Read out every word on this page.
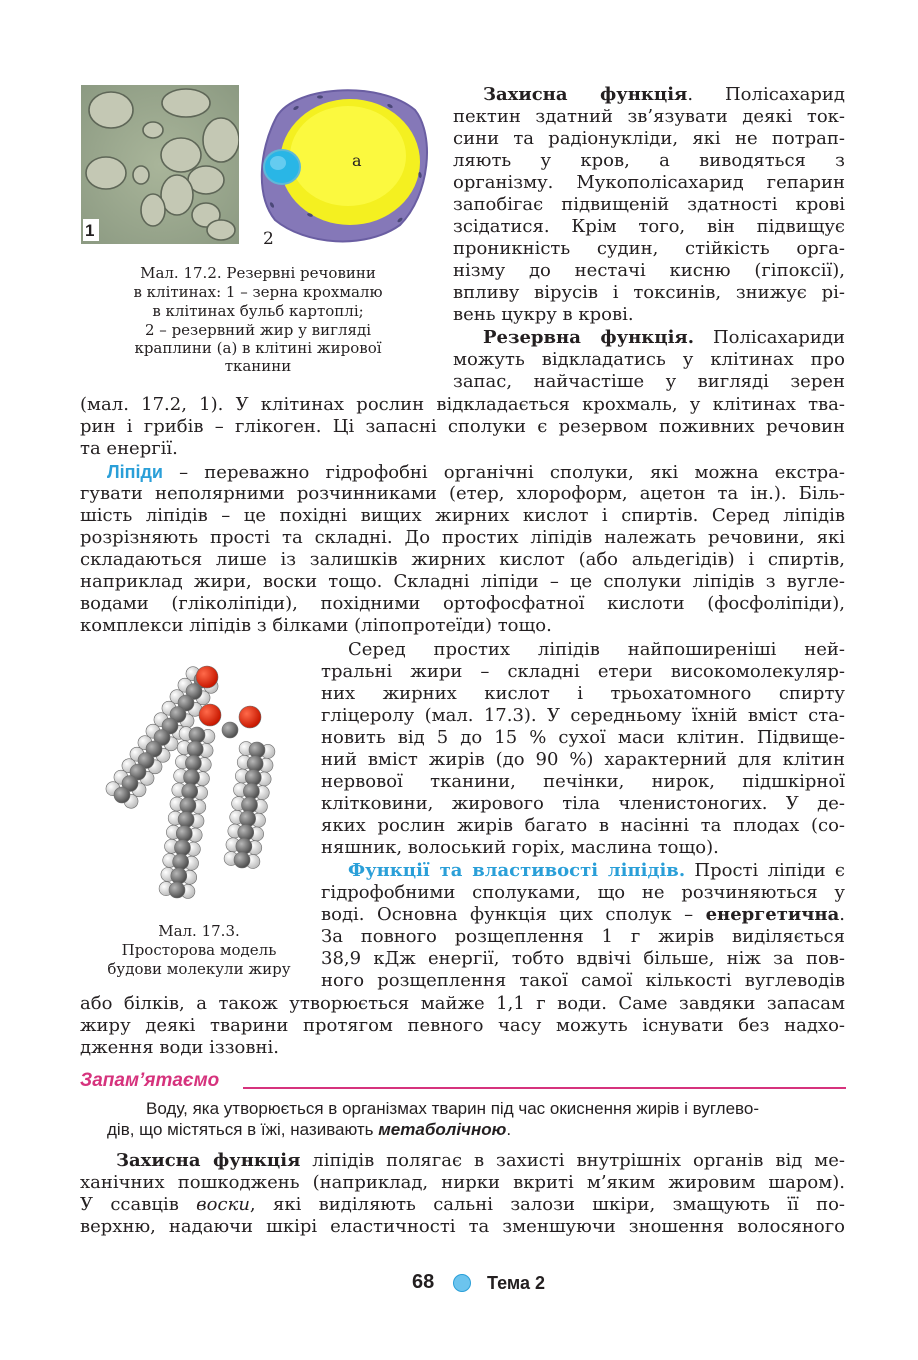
1
а
2
Мал. 17.2. Резервні речовини
в клітинах: 1 – зерна крохмалю
в клітинах бульб картоплі;
2 – резервний жир у вигляді
краплини (а) в клітині жирової
тканини
Захисна функція. Полісахарид
пектин здатний зв’язувати деякі ток-
сини та радіонукліди, які не потрап-
ляють у кров, а виводяться з
організму. Мукополісахарид гепарин
запобігає підвищеній здатності крові
зсідатися. Крім того, він підвищує
проникність судин, стійкість орга-
нізму до нестачі кисню (гіпоксії),
впливу вірусів і токсинів, знижує рі-
вень цукру в крові.
Резервна функція. Полісахариди
можуть відкладатись у клітинах про
запас, найчастіше у вигляді зерен
(мал. 17.2, 1). У клітинах рослин відкладається крохмаль, у клітинах тва-
рин і грибів – глікоген. Ці запасні сполуки є резервом поживних речовин
та енергії.
Ліпіди – переважно гідрофобні органічні сполуки, які можна екстра-
гувати неполярними розчинниками (етер, хлороформ, ацетон та ін.). Біль-
шість ліпідів – це похідні вищих жирних кислот і спиртів. Серед ліпідів
розрізняють прості та складні. До простих ліпідів належать речовини, які
складаються лише із залишків жирних кислот (або альдегідів) і спиртів,
наприклад жири, воски тощо. Складні ліпіди – це сполуки ліпідів з вугле-
водами (гліколіпіди), похідними ортофосфатної кислоти (фосфоліпіди),
комплекси ліпідів з білками (ліпопротеїди) тощо.
Мал. 17.3.
Просторова модель
будови молекули жиру
Серед простих ліпідів найпоширеніші ней-
тральні жири – складні етери високомолекуляр-
них жирних кислот і трьохатомного спирту
гліцеролу (мал. 17.3). У середньому їхній вміст ста-
новить від 5 до 15 % сухої маси клітин. Підвище-
ний вміст жирів (до 90 %) характерний для клітин
нервової тканини, печінки, нирок, підшкірної
клітковини, жирового тіла членистоногих. У де-
яких рослин жирів багато в насінні та плодах (со-
няшник, волоський горіх, маслина тощо).
Функції та властивості ліпідів. Прості ліпіди є
гідрофобними сполуками, що не розчиняються у
воді. Основна функція цих сполук – енергетична.
За повного розщеплення 1 г жирів виділяється
38,9 кДж енергії, тобто вдвічі більше, ніж за пов-
ного розщеплення такої самої кількості вуглеводів
або білків, а також утворюється майже 1,1 г води. Саме завдяки запасам
жиру деякі тварини протягом певного часу можуть існувати без надхо-
дження води іззовні.
Запам’ятаємо
Воду, яка утворюється в організмах тварин під час окиснення жирів і вуглево-
дів, що містяться в їжі, називають метаболічною.
Захисна функція ліпідів полягає в захисті внутрішніх органів від ме-
ханічних пошкоджень (наприклад, нирки вкриті м’яким жировим шаром).
У ссавців воски, які виділяють сальні залози шкіри, змащують її по-
верхню, надаючи шкірі еластичності та зменшуючи зношення волосяного
68	Тема 2
